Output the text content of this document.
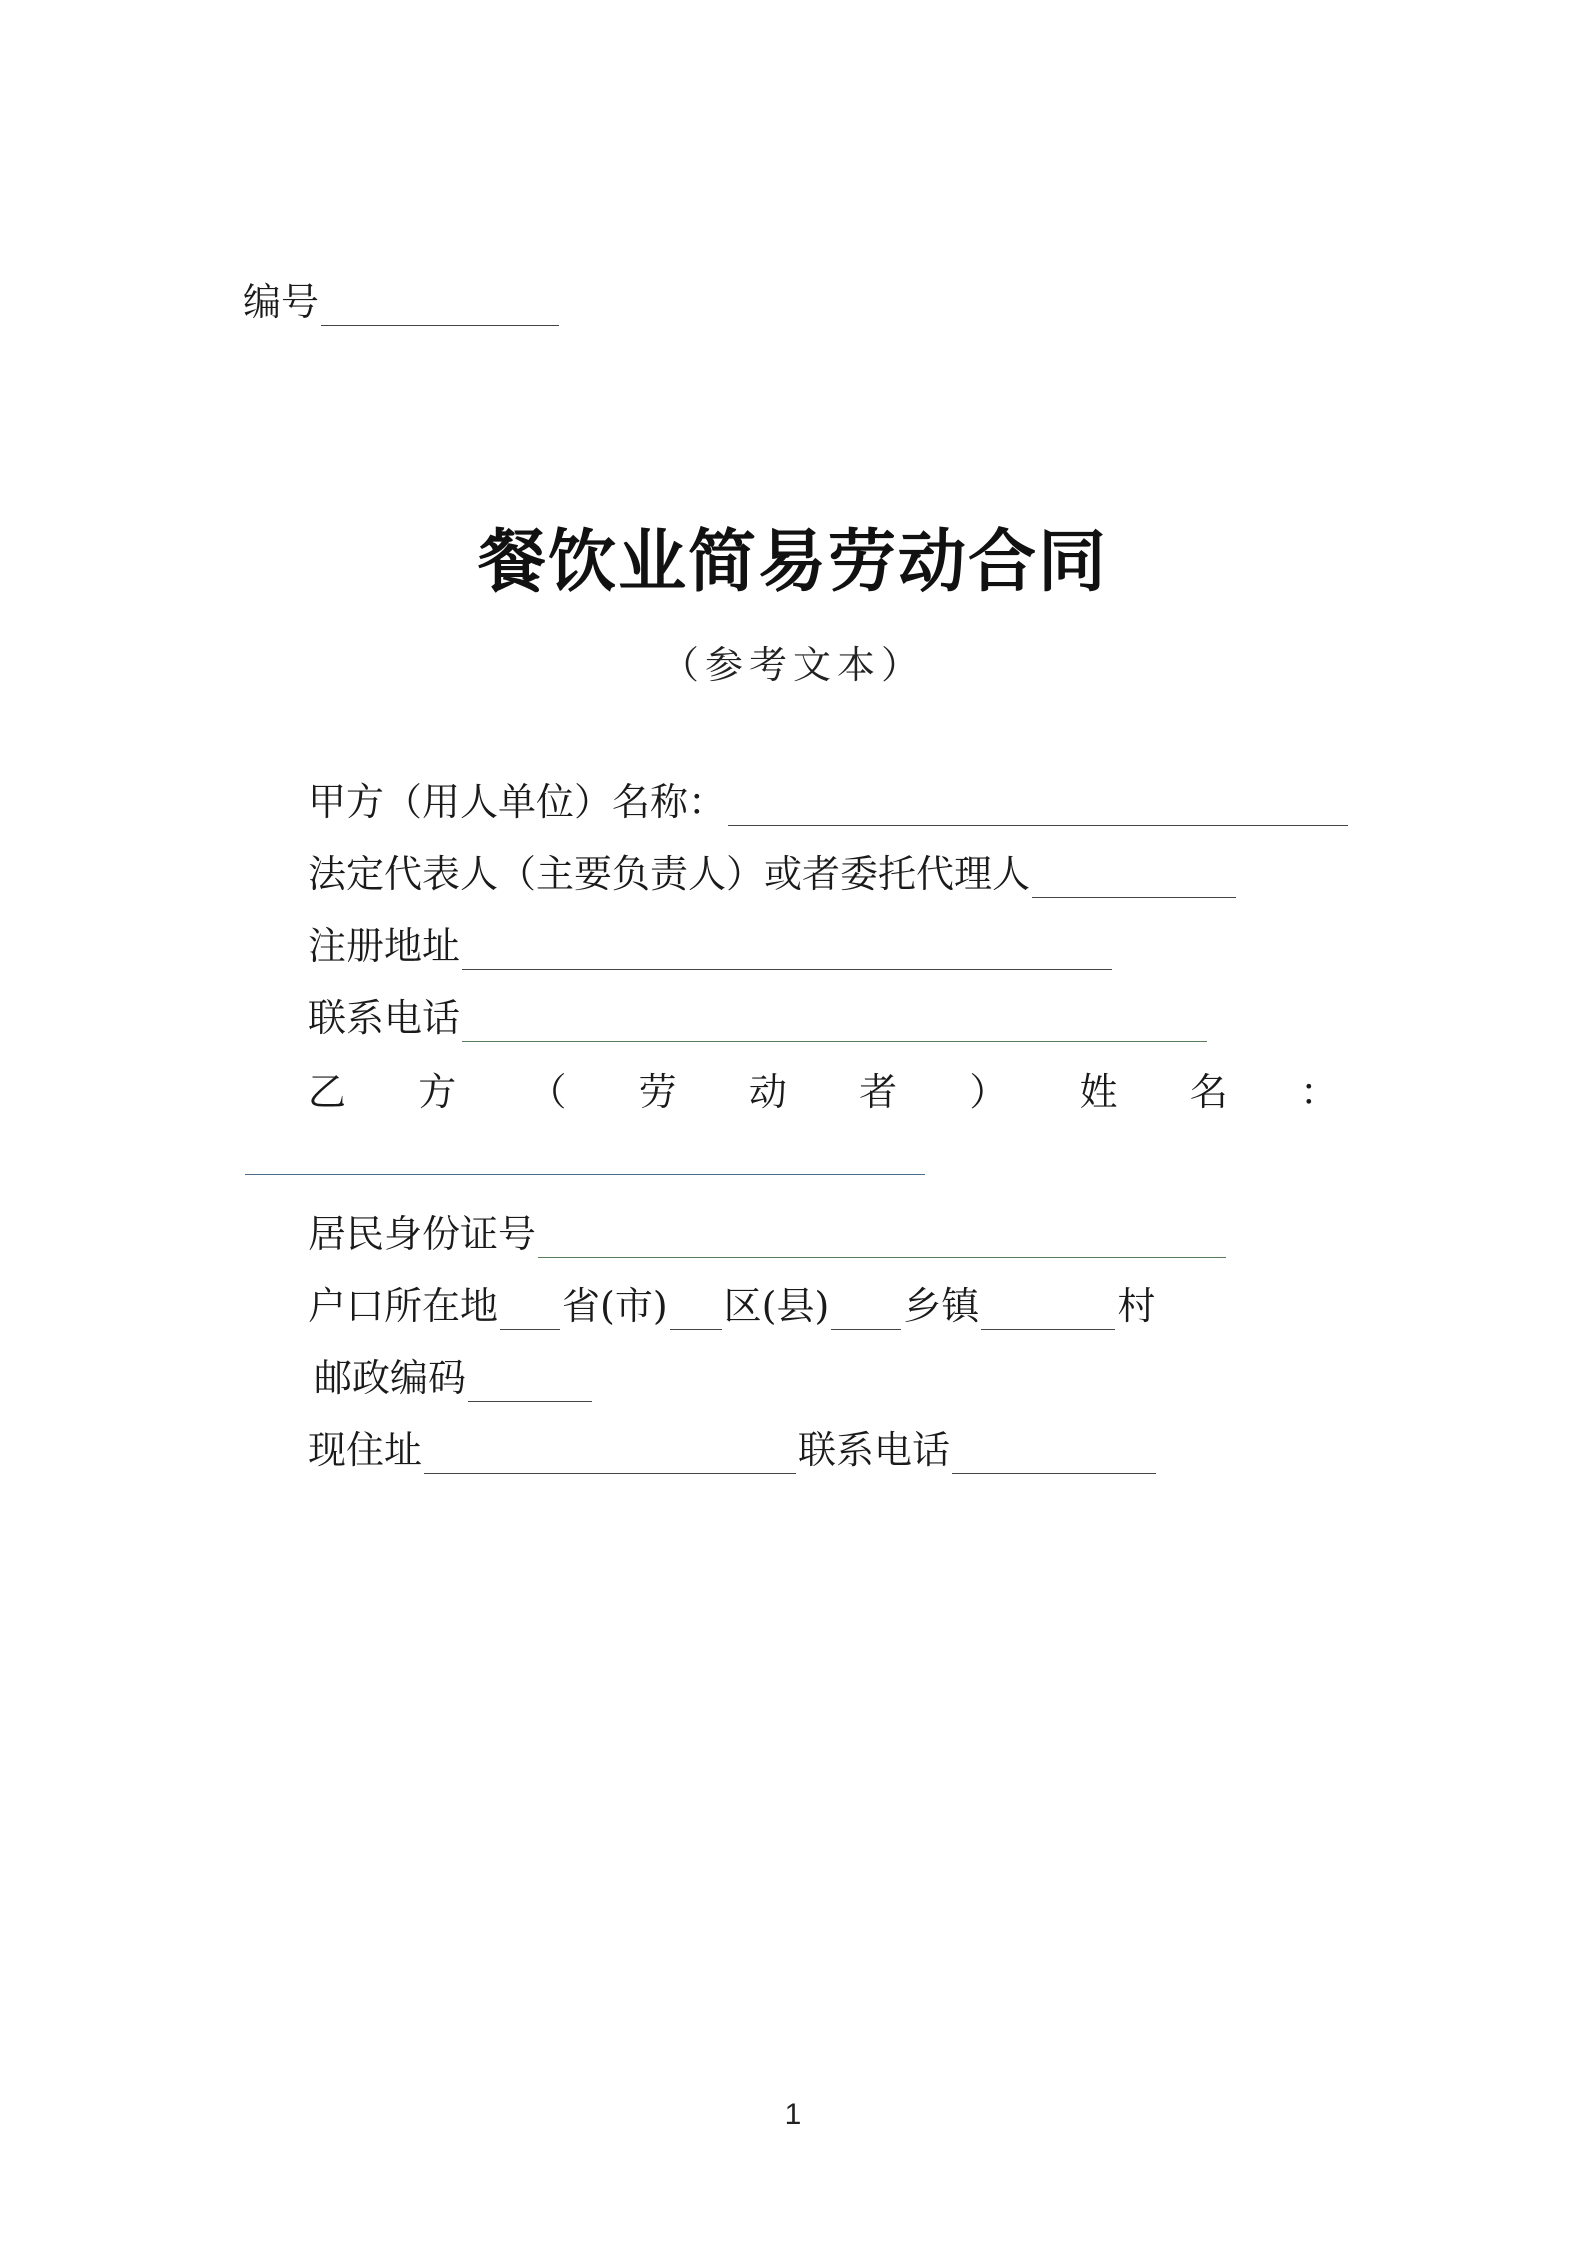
编号
餐饮业简易劳动合同
（参考文本）
甲方（用人单位）名称：
法定代表人（主要负责人）或者委托代理人
注册地址
联系电话
乙 方 （ 劳 动 者 ） 姓 名 ：
居民身份证号
户口所在地 省(市) 区(县) 乡镇	村
邮政编码
现住址	联系电话
1
